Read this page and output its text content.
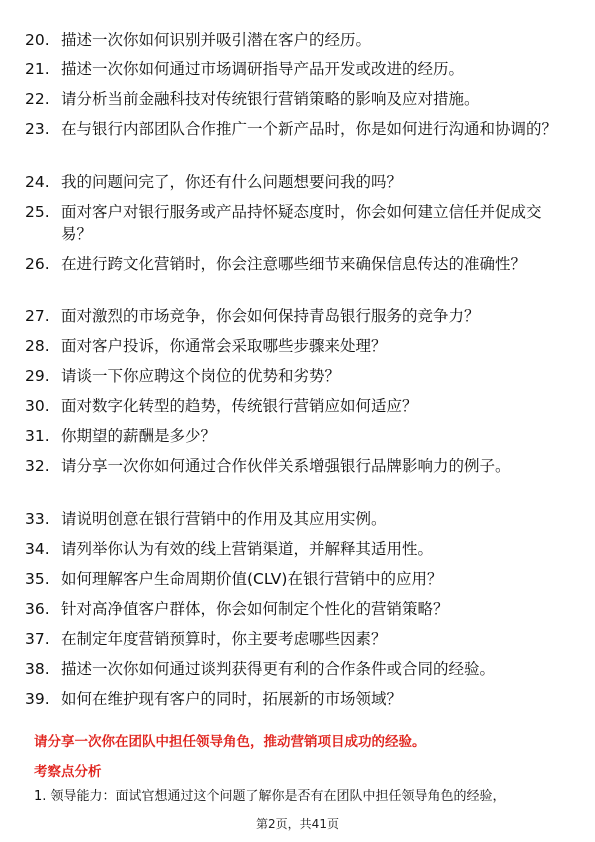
20. 描述一次你如何识别并吸引潜在客户的经历。
21. 描述一次你如何通过市场调研指导产品开发或改进的经历。
22. 请分析当前金融科技对传统银行营销策略的影响及应对措施。
23. 在与银行内部团队合作推广一个新产品时，你是如何进行沟通和协调的？
24. 我的问题问完了，你还有什么问题想要问我的吗？
25. 面对客户对银行服务或产品持怀疑态度时，你会如何建立信任并促成交易？
26. 在进行跨文化营销时，你会注意哪些细节来确保信息传达的准确性？
27. 面对激烈的市场竞争，你会如何保持青岛银行服务的竞争力？
28. 面对客户投诉，你通常会采取哪些步骤来处理？
29. 请谈一下你应聘这个岗位的优势和劣势？
30. 面对数字化转型的趋势，传统银行营销应如何适应？
31. 你期望的薪酬是多少？
32. 请分享一次你如何通过合作伙伴关系增强银行品牌影响力的例子。
33. 请说明创意在银行营销中的作用及其应用实例。
34. 请列举你认为有效的线上营销渠道，并解释其适用性。
35. 如何理解客户生命周期价值(CLV)在银行营销中的应用？
36. 针对高净值客户群体，你会如何制定个性化的营销策略？
37. 在制定年度营销预算时，你主要考虑哪些因素？
38. 描述一次你如何通过谈判获得更有利的合作条件或合同的经验。
39. 如何在维护现有客户的同时，拓展新的市场领域？
请分享一次你在团队中担任领导角色，推动营销项目成功的经验。
考察点分析
1. 领导能力：面试官想通过这个问题了解你是否有在团队中担任领导角色的经验，
第2页，共41页
